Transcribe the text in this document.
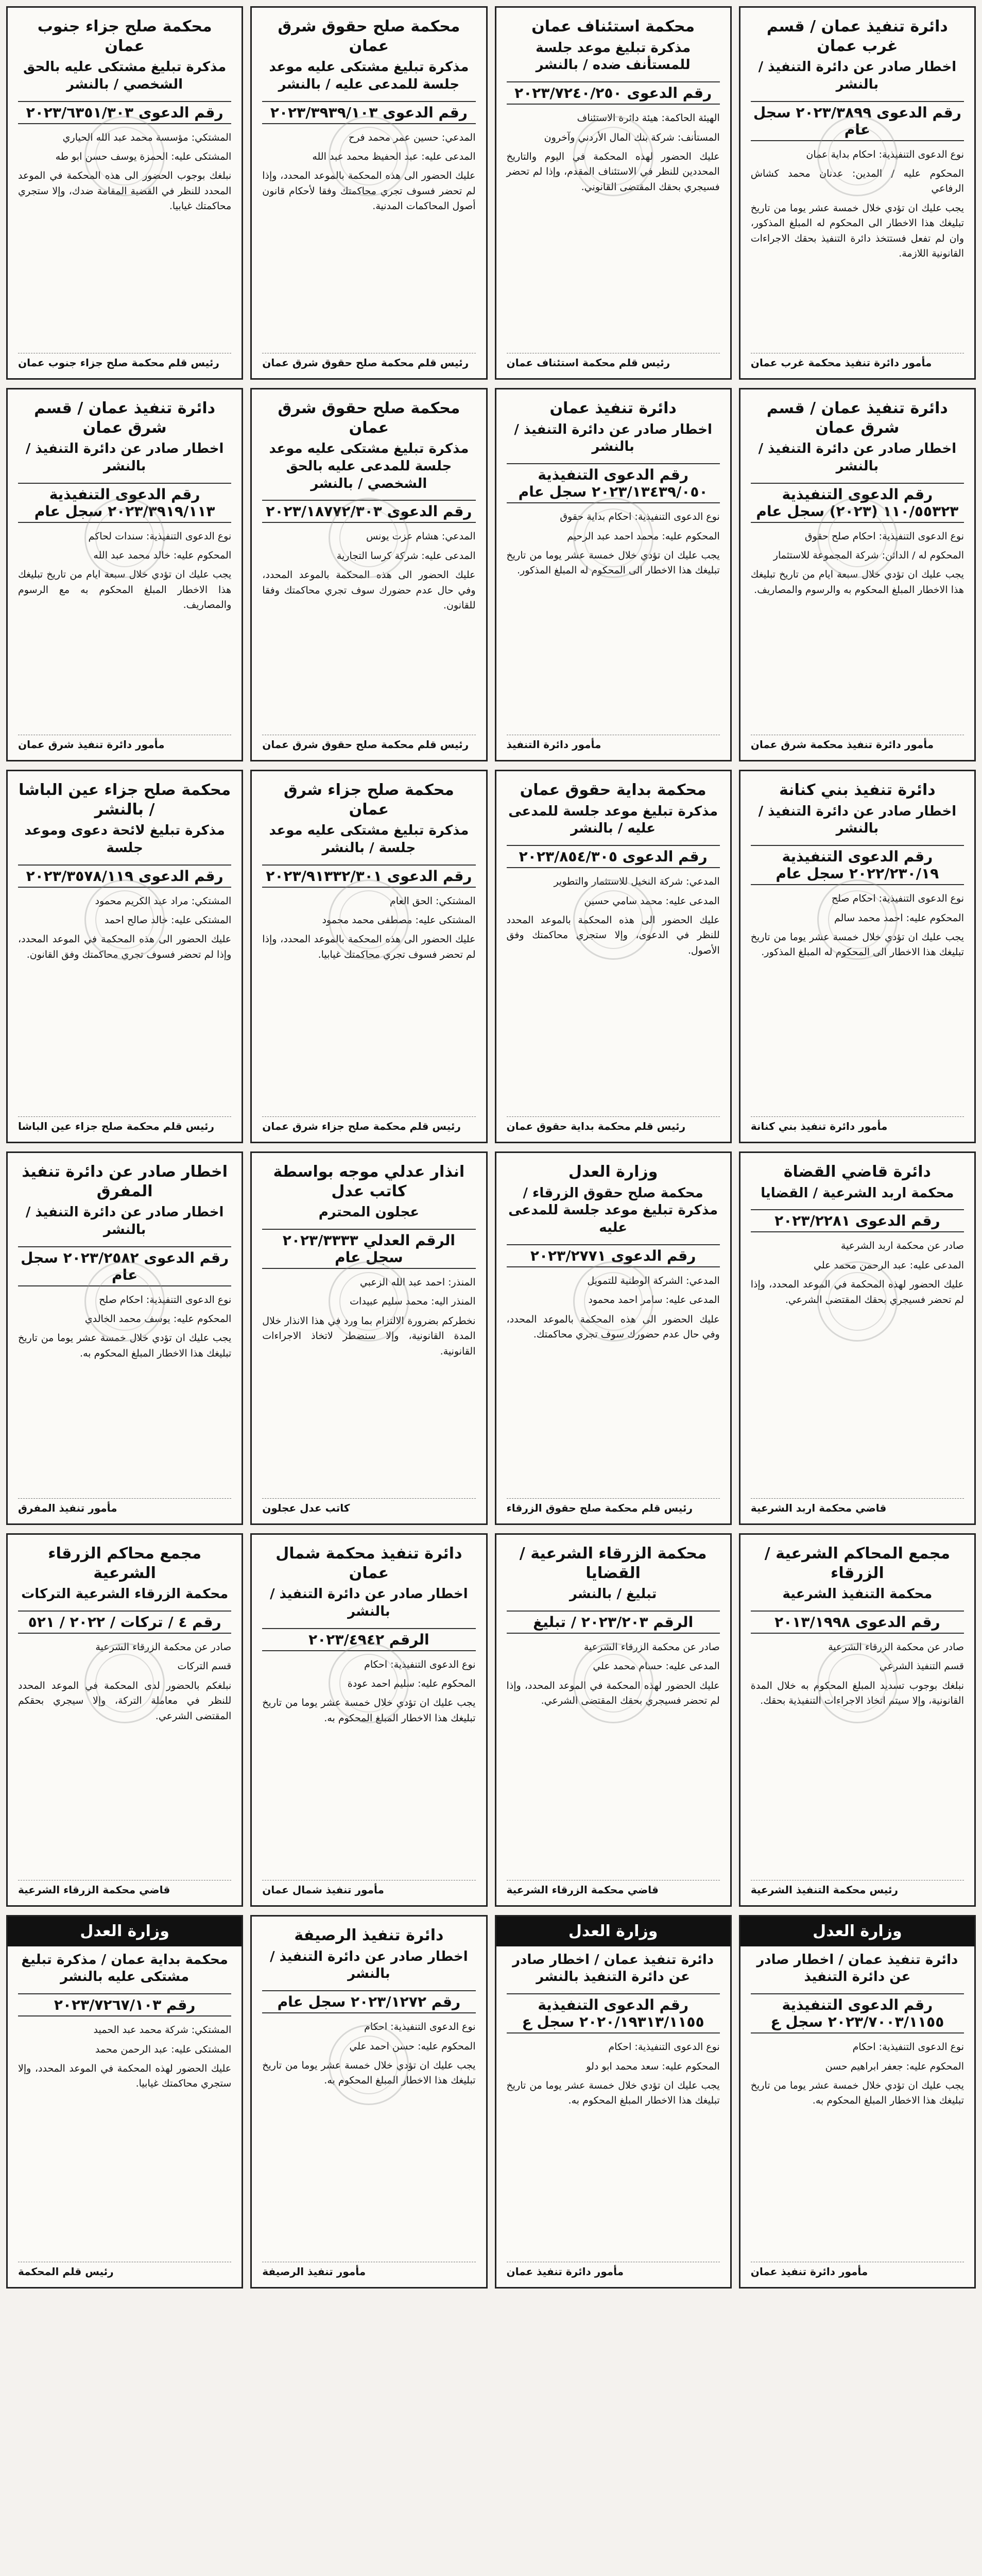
دائرة تنفيذ عمان / قسم غرب عمان
اخطار صادر عن دائرة التنفيذ / بالنشر
رقم الدعوى ٢٠٢٣/٣٨٩٩ سجل عام

نوع الدعوى التنفيذية: احكام بداية عمان

المحكوم عليه / المدين: عدنان محمد كشاش الرفاعي

يجب عليك ان تؤدي خلال خمسة عشر يوما من تاريخ تبليغك هذا الاخطار الى المحكوم له المبلغ المذكور، وان لم تفعل فستتخذ دائرة التنفيذ بحقك الاجراءات القانونية اللازمة.

مأمور دائرة تنفيذ محكمة غرب عمان
محكمة استئناف عمان
مذكرة تبليغ موعد جلسة للمستأنف ضده / بالنشر
رقم الدعوى ٢٠٢٣/٧٢٤٠/٢٥٠

الهيئة الحاكمة: هيئة دائرة الاستئناف

المستأنف: شركة بنك المال الأردني وآخرون

عليك الحضور لهذه المحكمة في اليوم والتاريخ المحددين للنظر في الاستئناف المقدم، وإذا لم تحضر فسيجري بحقك المقتضى القانوني.

رئيس قلم محكمة استئناف عمان
محكمة صلح حقوق شرق عمان
مذكرة تبليغ مشتكى عليه موعد جلسة للمدعى عليه / بالنشر
رقم الدعوى ٢٠٢٣/٣٩٣٩/١٠٣

المدعي: حسين عمر محمد فرح

المدعى عليه: عبد الحفيظ محمد عبد الله

عليك الحضور الى هذه المحكمة بالموعد المحدد، وإذا لم تحضر فسوف تجري محاكمتك وفقا لأحكام قانون أصول المحاكمات المدنية.

رئيس قلم محكمة صلح حقوق شرق عمان
محكمة صلح جزاء جنوب عمان
مذكرة تبليغ مشتكى عليه بالحق الشخصي / بالنشر
رقم الدعوى ٢٠٢٣/٦٣٥١/٣٠٣

المشتكي: مؤسسة محمد عبد الله الحياري

المشتكى عليه: الحمزة يوسف حسن ابو طه

نبلغك بوجوب الحضور الى هذه المحكمة في الموعد المحدد للنظر في القضية المقامة ضدك، وإلا ستجري محاكمتك غيابيا.

رئيس قلم محكمة صلح جزاء جنوب عمان
دائرة تنفيذ عمان / قسم شرق عمان
اخطار صادر عن دائرة التنفيذ / بالنشر
رقم الدعوى التنفيذية ١١٠/٥٥٣٢٣ (٢٠٢٣) سجل عام

نوع الدعوى التنفيذية: احكام صلح حقوق

المحكوم له / الدائن: شركة المجموعة للاستثمار

يجب عليك ان تؤدي خلال سبعة ايام من تاريخ تبليغك هذا الاخطار المبلغ المحكوم به والرسوم والمصاريف.

مأمور دائرة تنفيذ محكمة شرق عمان
دائرة تنفيذ عمان
اخطار صادر عن دائرة التنفيذ / بالنشر
رقم الدعوى التنفيذية ٢٠٢٣/١٣٤٣٩/٠٥٠ سجل عام

نوع الدعوى التنفيذية: احكام بداية حقوق

المحكوم عليه: محمد احمد عبد الرحيم

يجب عليك ان تؤدي خلال خمسة عشر يوما من تاريخ تبليغك هذا الاخطار الى المحكوم له المبلغ المذكور.

مأمور دائرة التنفيذ
محكمة صلح حقوق شرق عمان
مذكرة تبليغ مشتكى عليه موعد جلسة للمدعى عليه بالحق الشخصي / بالنشر
رقم الدعوى ٢٠٢٣/١٨٧٧٢/٣٠٣

المدعي: هشام عزت يونس

المدعى عليه: شركة كرسا التجارية

عليك الحضور الى هذه المحكمة بالموعد المحدد، وفي حال عدم حضورك سوف تجري محاكمتك وفقا للقانون.

رئيس قلم محكمة صلح حقوق شرق عمان
دائرة تنفيذ عمان / قسم شرق عمان
اخطار صادر عن دائرة التنفيذ / بالنشر
رقم الدعوى التنفيذية ٢٠٢٣/٣٩١٩/١١٣ سجل عام

نوع الدعوى التنفيذية: سندات لحاكم

المحكوم عليه: خالد محمد عبد الله

يجب عليك ان تؤدي خلال سبعة ايام من تاريخ تبليغك هذا الاخطار المبلغ المحكوم به مع الرسوم والمصاريف.

مأمور دائرة تنفيذ شرق عمان
دائرة تنفيذ بني كنانة
اخطار صادر عن دائرة التنفيذ / بالنشر
رقم الدعوى التنفيذية ٢٠٢٢/٢٣٠/١٩ سجل عام

نوع الدعوى التنفيذية: احكام صلح

المحكوم عليه: احمد محمد سالم

يجب عليك ان تؤدي خلال خمسة عشر يوما من تاريخ تبليغك هذا الاخطار الى المحكوم له المبلغ المذكور.

مأمور دائرة تنفيذ بني كنانة
محكمة بداية حقوق عمان
مذكرة تبليغ موعد جلسة للمدعى عليه / بالنشر
رقم الدعوى ٢٠٢٣/٨٥٤/٣٠٥

المدعي: شركة النخيل للاستثمار والتطوير

المدعى عليه: محمد سامي حسين

عليك الحضور الى هذه المحكمة بالموعد المحدد للنظر في الدعوى، وإلا ستجري محاكمتك وفق الأصول.

رئيس قلم محكمة بداية حقوق عمان
محكمة صلح جزاء شرق عمان
مذكرة تبليغ مشتكى عليه موعد جلسة / بالنشر
رقم الدعوى ٢٠٢٣/٩١٣٣٢/٣٠١

المشتكي: الحق العام

المشتكى عليه: مصطفى محمد محمود

عليك الحضور الى هذه المحكمة بالموعد المحدد، وإذا لم تحضر فسوف تجري محاكمتك غيابيا.

رئيس قلم محكمة صلح جزاء شرق عمان
محكمة صلح جزاء عين الباشا / بالنشر
مذكرة تبليغ لائحة دعوى وموعد جلسة
رقم الدعوى ٢٠٢٣/٣٥٧٨/١١٩

المشتكي: مراد عبد الكريم محمود

المشتكى عليه: خالد صالح احمد

عليك الحضور الى هذه المحكمة في الموعد المحدد، وإذا لم تحضر فسوف تجري محاكمتك وفق القانون.

رئيس قلم محكمة صلح جزاء عين الباشا
دائرة قاضي القضاة
محكمة اربد الشرعية / القضايا
رقم الدعوى ٢٠٢٣/٢٢٨١

صادر عن محكمة اربد الشرعية

المدعى عليه: عبد الرحمن محمد علي

عليك الحضور لهذه المحكمة في الموعد المحدد، وإذا لم تحضر فسيجري بحقك المقتضى الشرعي.

قاضي محكمة اربد الشرعية
وزارة العدل
محكمة صلح حقوق الزرقاء / مذكرة تبليغ موعد جلسة للمدعى عليه
رقم الدعوى ٢٠٢٣/٢٧٧١

المدعي: الشركة الوطنية للتمويل

المدعى عليه: سامر احمد محمود

عليك الحضور الى هذه المحكمة بالموعد المحدد، وفي حال عدم حضورك سوف تجري محاكمتك.

رئيس قلم محكمة صلح حقوق الزرقاء
انذار عدلي موجه بواسطة كاتب عدل
عجلون المحترم
الرقم العدلي ٢٠٢٣/٣٣٣٣ سجل عام

المنذر: احمد عبد الله الزعبي

المنذر اليه: محمد سليم عبيدات

نخطركم بضرورة الالتزام بما ورد في هذا الانذار خلال المدة القانونية، وإلا سنضطر لاتخاذ الاجراءات القانونية.

كاتب عدل عجلون
اخطار صادر عن دائرة تنفيذ المفرق
اخطار صادر عن دائرة التنفيذ / بالنشر
رقم الدعوى ٢٠٢٣/٢٥٨٢ سجل عام

نوع الدعوى التنفيذية: احكام صلح

المحكوم عليه: يوسف محمد الخالدي

يجب عليك ان تؤدي خلال خمسة عشر يوما من تاريخ تبليغك هذا الاخطار المبلغ المحكوم به.

مأمور تنفيذ المفرق
مجمع المحاكم الشرعية / الزرقاء
محكمة التنفيذ الشرعية
رقم الدعوى ٢٠١٣/١٩٩٨

صادر عن محكمة الزرقاء الشرعية

قسم التنفيذ الشرعي

نبلغك بوجوب تسديد المبلغ المحكوم به خلال المدة القانونية، وإلا سيتم اتخاذ الاجراءات التنفيذية بحقك.

رئيس محكمة التنفيذ الشرعية
محكمة الزرقاء الشرعية / القضايا
تبليغ / بالنشر
الرقم ٢٠٢٣/٢٠٣ / تبليغ

صادر عن محكمة الزرقاء الشرعية

المدعى عليه: حسام محمد علي

عليك الحضور لهذه المحكمة في الموعد المحدد، وإذا لم تحضر فسيجري بحقك المقتضى الشرعي.

قاضي محكمة الزرقاء الشرعية
دائرة تنفيذ محكمة شمال عمان
اخطار صادر عن دائرة التنفيذ / بالنشر
الرقم ٢٠٢٣/٤٩٤٢

نوع الدعوى التنفيذية: احكام

المحكوم عليه: سليم احمد عودة

يجب عليك ان تؤدي خلال خمسة عشر يوما من تاريخ تبليغك هذا الاخطار المبلغ المحكوم به.

مأمور تنفيذ شمال عمان
مجمع محاكم الزرقاء الشرعية
محكمة الزرقاء الشرعية التركات
رقم ٤ / تركات / ٢٠٢٢ / ٥٢١

صادر عن محكمة الزرقاء الشرعية

قسم التركات

نبلغكم بالحضور لدى المحكمة في الموعد المحدد للنظر في معاملة التركة، وإلا سيجري بحقكم المقتضى الشرعي.

قاضي محكمة الزرقاء الشرعية
وزارة العدل
دائرة تنفيذ عمان / اخطار صادر عن دائرة التنفيذ
رقم الدعوى التنفيذية ٢٠٢٣/٧٠٠٣/١١٥٥ سجل ع

نوع الدعوى التنفيذية: احكام

المحكوم عليه: جعفر ابراهيم حسن

يجب عليك ان تؤدي خلال خمسة عشر يوما من تاريخ تبليغك هذا الاخطار المبلغ المحكوم به.

مأمور دائرة تنفيذ عمان
وزارة العدل
دائرة تنفيذ عمان / اخطار صادر عن دائرة التنفيذ بالنشر
رقم الدعوى التنفيذية ٢٠٢٠/١٩٣١٣/١١٥٥ سجل ع

نوع الدعوى التنفيذية: احكام

المحكوم عليه: سعد محمد ابو دلو

يجب عليك ان تؤدي خلال خمسة عشر يوما من تاريخ تبليغك هذا الاخطار المبلغ المحكوم به.

مأمور دائرة تنفيذ عمان
دائرة تنفيذ الرصيفة
اخطار صادر عن دائرة التنفيذ / بالنشر
رقم ٢٠٢٣/١٢٧٢ سجل عام

نوع الدعوى التنفيذية: احكام

المحكوم عليه: حسن احمد علي

يجب عليك ان تؤدي خلال خمسة عشر يوما من تاريخ تبليغك هذا الاخطار المبلغ المحكوم به.

مأمور تنفيذ الرصيفة
وزارة العدل
محكمة بداية عمان / مذكرة تبليغ مشتكى عليه بالنشر
رقم ٢٠٢٣/٧٢٦٧/١٠٣

المشتكي: شركة محمد عبد الحميد

المشتكى عليه: عبد الرحمن محمد

عليك الحضور لهذه المحكمة في الموعد المحدد، وإلا ستجري محاكمتك غيابيا.

رئيس قلم المحكمة
